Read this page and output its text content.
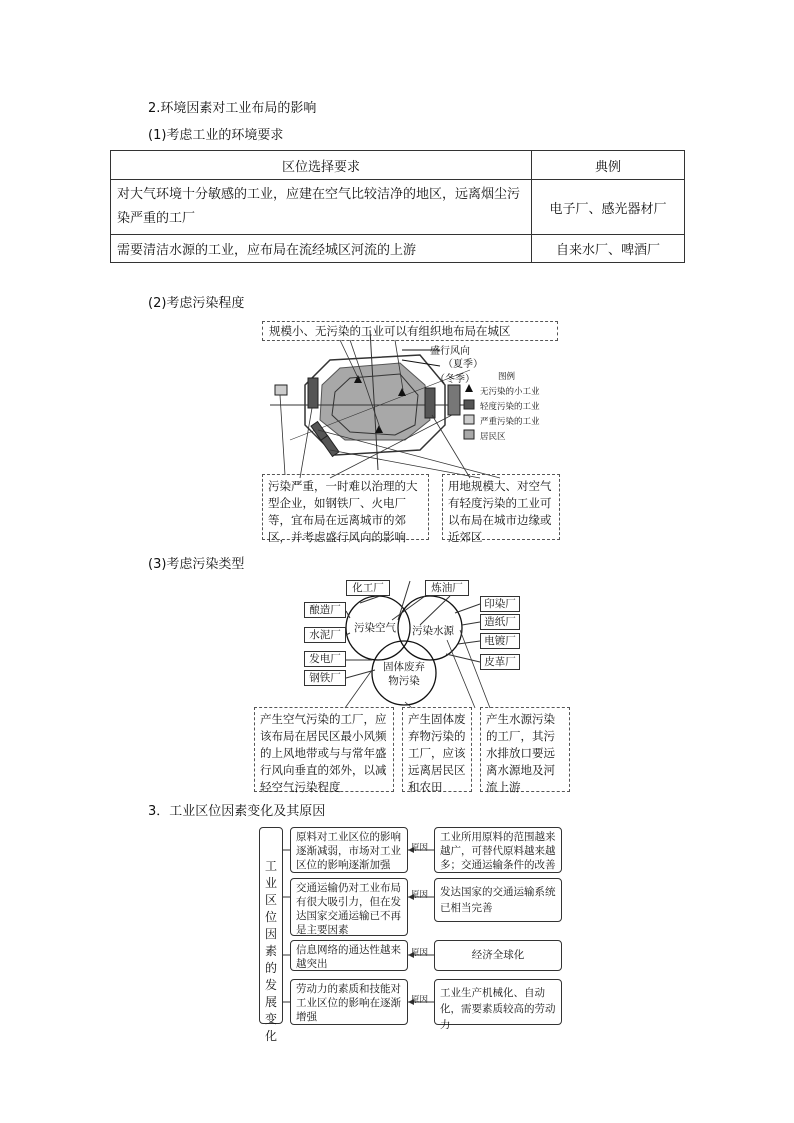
2.环境因素对工业布局的影响
(1)考虑工业的环境要求
区位选择要求	典例
对大气环境十分敏感的工业，应建在空气比较洁净的地区，远离烟尘污染严重的工厂	电子厂、感光器材厂
需要清洁水源的工业，应布局在流经城区河流的上游	自来水厂、啤酒厂
(2)考虑污染程度
规模小、无污染的工业可以有组织地布局在城区
盛行风向
（夏季）
（冬季）	图例
无污染的小工业
轻度污染的工业
严重污染的工业
居民区
污染严重，一时难以治理的大型企业，如钢铁厂、火电厂等，宜布局在远离城市的郊区，并考虑盛行风向的影响
用地规模大、对空气有轻度污染的工业可以布局在城市边缘或近郊区
(3)考虑污染类型
化工厂	炼油厂
酿造厂
水泥厂
发电厂
钢铁厂
印染厂
造纸厂
电镀厂
皮革厂
污染空气 污染水源
固体废弃物污染
产生空气污染的工厂，应该布局在居民区最小风频的上风地带或与与常年盛行风向垂直的郊外，以减轻空气污染程度
产生固体废弃物污染的工厂，应该远离居民区和农田
产生水源污染的工厂，其污水排放口要远离水源地及河流上游
3．工业区位因素变化及其原因
工业区位因素的发展变化
原料对工业区位的影响逐渐减弱，市场对工业区位的影响逐渐加强
交通运输仍对工业布局有很大吸引力，但在发达国家交通运输已不再是主要因素
信息网络的通达性越来越突出
劳动力的素质和技能对工业区位的影响在逐渐增强
原因
原因
原因
原因
工业所用原料的范围越来越广，可替代原料越来越多；交通运输条件的改善
发达国家的交通运输系统已相当完善
经济全球化
工业生产机械化、自动化，需要素质较高的劳动力
